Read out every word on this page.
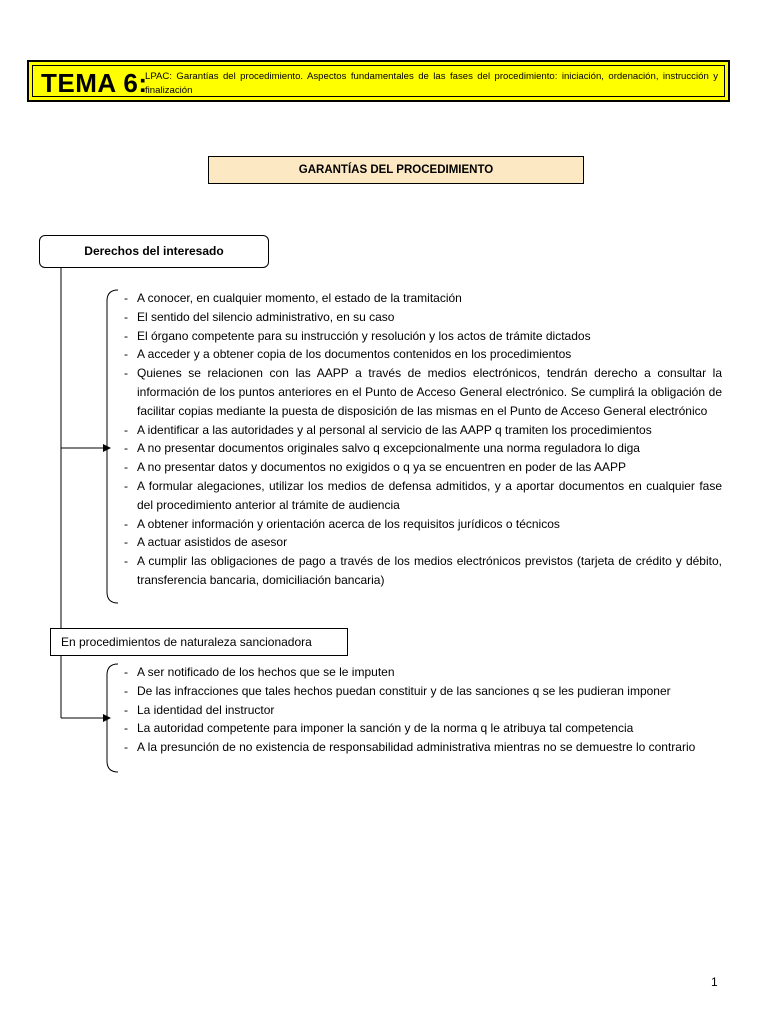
TEMA 6:
LPAC: Garantías del procedimiento. Aspectos fundamentales de las fases del procedimiento: iniciación, ordenación, instrucción y finalización
GARANTÍAS DEL PROCEDIMIENTO
Derechos del interesado
- A conocer, en cualquier momento, el estado de la tramitación
- El sentido del silencio administrativo, en su caso
- El órgano competente para su instrucción y resolución y los actos de trámite dictados
- A acceder y a obtener copia de los documentos contenidos en los procedimientos
- Quienes se relacionen con las AAPP a través de medios electrónicos, tendrán derecho a consultar la información de los puntos anteriores en el Punto de Acceso General electrónico. Se cumplirá la obligación de facilitar copias mediante la puesta de disposición de las mismas en el Punto de Acceso General electrónico
- A identificar a las autoridades y al personal al servicio de las AAPP q tramiten los procedimientos
- A no presentar documentos originales salvo q excepcionalmente una norma reguladora lo diga
- A no presentar datos y documentos no exigidos o q ya se encuentren en poder de las AAPP
- A formular alegaciones, utilizar los medios de defensa admitidos, y a aportar documentos en cualquier fase del procedimiento anterior al trámite de audiencia
- A obtener información y orientación acerca de los requisitos jurídicos o técnicos
- A actuar asistidos de asesor
- A cumplir las obligaciones de pago a través de los medios electrónicos previstos (tarjeta de crédito y débito, transferencia bancaria, domiciliación bancaria)
En procedimientos de naturaleza sancionadora
- A ser notificado de los hechos que se le imputen
- De las infracciones que tales hechos puedan constituir y de las sanciones q se les pudieran imponer
- La identidad del instructor
- La autoridad competente para imponer la sanción y de la norma q le atribuya tal competencia
- A la presunción de no existencia de responsabilidad administrativa mientras no se demuestre lo contrario
1
